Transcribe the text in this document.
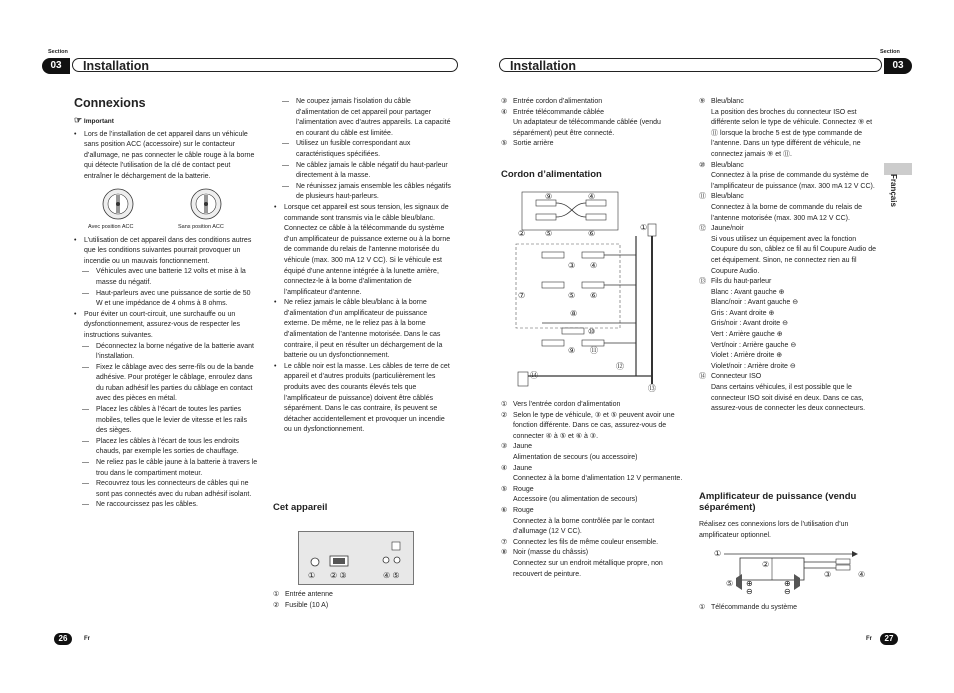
Section
03	Installation
Connexions
☞ Important
• Lors de l’installation de cet appareil dans un véhicule sans position ACC (accessoire) sur le contacteur d’allumage, ne pas connecter le câble rouge à la borne qui détecte l’utilisation de la clé de contact peut entraîner le déchargement de la batterie.
Avec position ACC	Sans position ACC
• L’utilisation de cet appareil dans des conditions autres que les conditions suivantes pourrait provoquer un incendie ou un mauvais fonctionnement.
— Véhicules avec une batterie 12 volts et mise à la masse du négatif.
— Haut-parleurs avec une puissance de sortie de 50 W et une impédance de 4 ohms à 8 ohms.
• Pour éviter un court-circuit, une surchauffe ou un dysfonctionnement, assurez-vous de respecter les instructions suivantes.
— Déconnectez la borne négative de la batterie avant l’installation.
— Fixez le câblage avec des serre-fils ou de la bande adhésive. Pour protéger le câblage, enroulez dans du ruban adhésif les parties du câblage en contact avec des pièces en métal.
— Placez les câbles à l’écart de toutes les parties mobiles, telles que le levier de vitesse et les rails des sièges.
— Placez les câbles à l’écart de tous les endroits chauds, par exemple les sorties de chauffage.
— Ne reliez pas le câble jaune à la batterie à travers le trou dans le compartiment moteur.
— Recouvrez tous les connecteurs de câbles qui ne sont pas connectés avec du ruban adhésif isolant.
— Ne raccourcissez pas les câbles.
— Ne coupez jamais l’isolation du câble d’alimentation de cet appareil pour partager l’alimentation avec d’autres appareils. La capacité en courant du câble est limitée.
— Utilisez un fusible correspondant aux caractéristiques spécifiées.
— Ne câblez jamais le câble négatif du haut-parleur directement à la masse.
— Ne réunissez jamais ensemble les câbles négatifs de plusieurs haut-parleurs.
• Lorsque cet appareil est sous tension, les signaux de commande sont transmis via le câble bleu/blanc. Connectez ce câble à la télécommande du système d’un amplificateur de puissance externe ou à la borne de commande du relais de l’antenne motorisée du véhicule (max. 300 mA 12 V CC). Si le véhicule est équipé d’une antenne intégrée à la lunette arrière, connectez-le à la borne d’alimentation de l’amplificateur d’antenne.
• Ne reliez jamais le câble bleu/blanc à la borne d’alimentation d’un amplificateur de puissance externe. De même, ne le reliez pas à la borne d’alimentation de l’antenne motorisée. Dans le cas contraire, il peut en résulter un déchargement de la batterie ou un dysfonctionnement.
• Le câble noir est la masse. Les câbles de terre de cet appareil et d’autres produits (particulièrement les produits avec des courants élevés tels que l’amplificateur de puissance) doivent être câblés séparément. Dans le cas contraire, ils peuvent se détacher accidentellement et provoquer un incendie ou un dysfonctionnement.
Cet appareil
① ② ③	④ ⑤
① Entrée antenne
② Fusible (10 A)
26	Fr
Section
Installation	03
Français
③ Entrée cordon d’alimentation
④ Entrée télécommande câblée
Un adaptateur de télécommande câblée (vendu séparément) peut être connecté.
⑤ Sortie arrière
Cordon d’alimentation
⑨	④
② ⑤	⑥
①
③ ④
⑦	⑤ ⑥
⑧
⑩
⑨ ⑪
⑫
⑭
⑬
① Vers l’entrée cordon d’alimentation
② Selon le type de véhicule, ③ et ⑤ peuvent avoir une fonction différente. Dans ce cas, assurez-vous de connecter ④ à ⑤ et ⑥ à ③.
③ Jaune
Alimentation de secours (ou accessoire)
④ Jaune
Connectez à la borne d’alimentation 12 V permanente.
⑤ Rouge
Accessoire (ou alimentation de secours)
⑥ Rouge
Connectez à la borne contrôlée par le contact d’allumage (12 V CC).
⑦ Connectez les fils de même couleur ensemble.
⑧ Noir (masse du châssis)
Connectez sur un endroit métallique propre, non recouvert de peinture.
⑨ Bleu/blanc
La position des broches du connecteur ISO est différente selon le type de véhicule. Connectez ⑨ et ⑪ lorsque la broche 5 est de type commande de l’antenne. Dans un type différent de véhicule, ne connectez jamais ⑨ et ⑪.
⑩ Bleu/blanc
Connectez à la prise de commande du système de l’amplificateur de puissance (max. 300 mA 12 V CC).
⑪ Bleu/blanc
Connectez à la borne de commande du relais de l’antenne motorisée (max. 300 mA 12 V CC).
⑫ Jaune/noir
Si vous utilisez un équipement avec la fonction Coupure du son, câblez ce fil au fil Coupure Audio de cet équipement. Sinon, ne connectez rien au fil Coupure Audio.
⑬ Fils du haut-parleur
Blanc : Avant gauche ⊕
Blanc/noir : Avant gauche ⊖
Gris : Avant droite ⊕
Gris/noir : Avant droite ⊖
Vert : Arrière gauche ⊕
Vert/noir : Arrière gauche ⊖
Violet : Arrière droite ⊕
Violet/noir : Arrière droite ⊖
⑭ Connecteur ISO
Dans certains véhicules, il est possible que le connecteur ISO soit divisé en deux. Dans ce cas, assurez-vous de connecter les deux connecteurs.
Amplificateur de puissance (vendu séparément)
Réalisez ces connexions lors de l’utilisation d’un amplificateur optionnel.
①
②
③	④
⑤ ⊕	⊕
⊖	⊖
① Télécommande du système
Fr	27
